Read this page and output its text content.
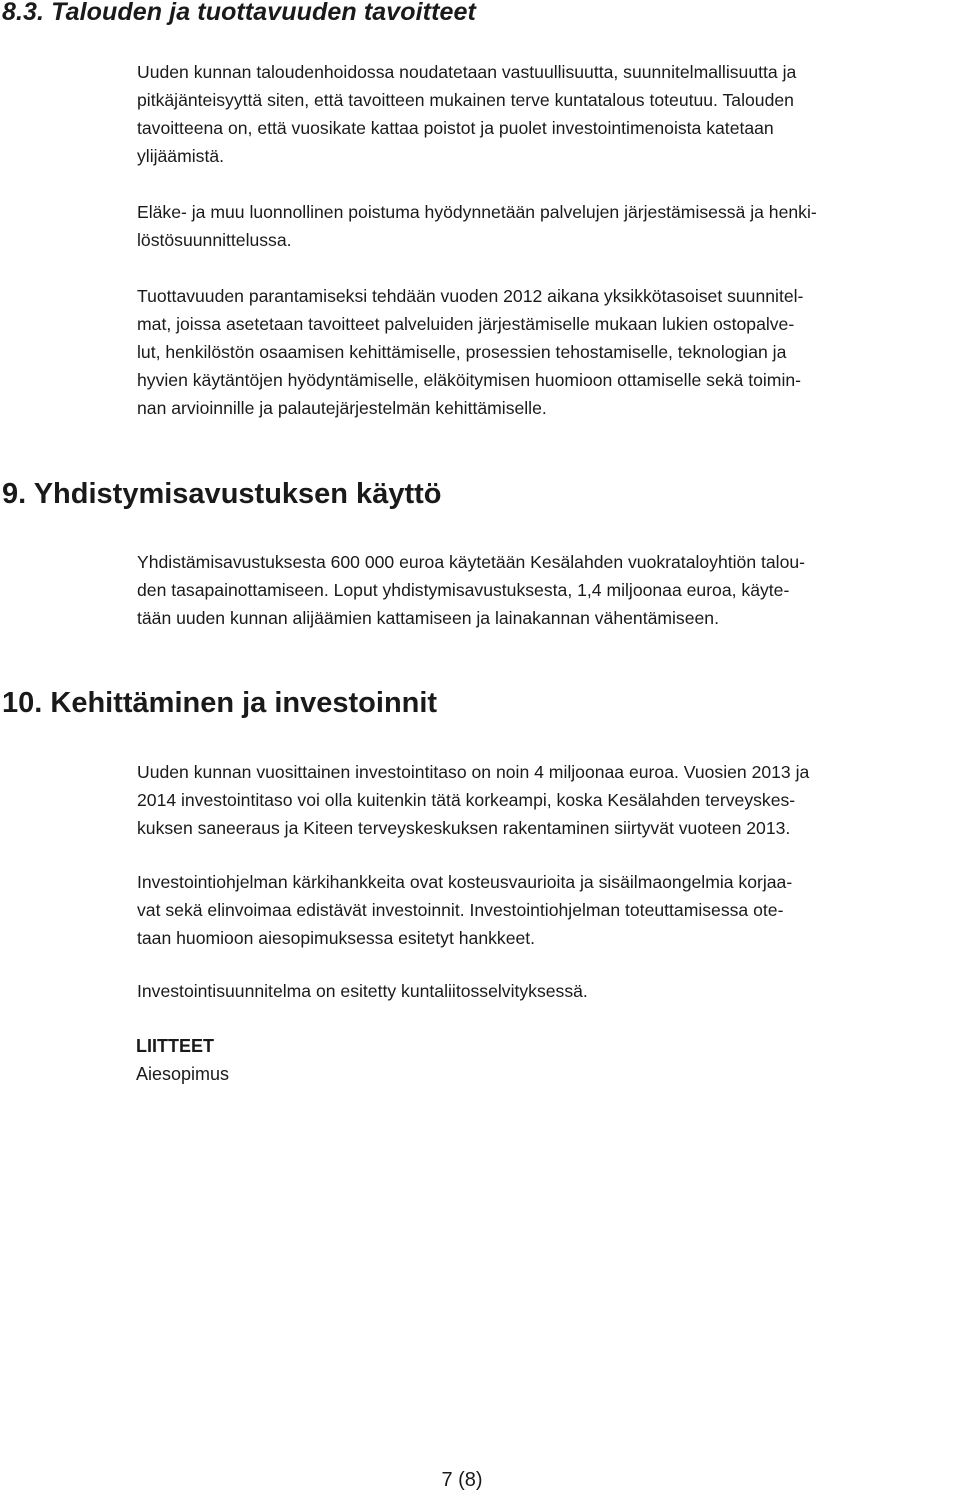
8.3. Talouden ja tuottavuuden tavoitteet

Uuden kunnan taloudenhoidossa noudatetaan vastuullisuutta, suunnitelmallisuutta ja
pitkäjänteisyyttä siten, että tavoitteen mukainen terve kuntatalous toteutuu. Talouden
tavoitteena on, että vuosikate kattaa poistot ja puolet investointimenoista katetaan
ylijäämistä.

Eläke- ja muu luonnollinen poistuma hyödynnetään palvelujen järjestämisessä ja henki-
löstösuunnittelussa.

Tuottavuuden parantamiseksi tehdään vuoden 2012 aikana yksikkötasoiset suunnitel-
mat, joissa asetetaan tavoitteet palveluiden järjestämiselle mukaan lukien ostopalve-
lut, henkilöstön osaamisen kehittämiselle, prosessien tehostamiselle, teknologian ja
hyvien käytäntöjen hyödyntämiselle, eläköitymisen huomioon ottamiselle sekä toimin-
nan arvioinnille ja palautejärjestelmän kehittämiselle.

9. Yhdistymisavustuksen käyttö

Yhdistämisavustuksesta 600 000 euroa käytetään Kesälahden vuokrataloyhtiön talou-
den tasapainottamiseen. Loput yhdistymisavustuksesta, 1,4 miljoonaa euroa, käyte-
tään uuden kunnan alijäämien kattamiseen ja lainakannan vähentämiseen.

10. Kehittäminen ja investoinnit

Uuden kunnan vuosittainen investointitaso on noin 4 miljoonaa euroa. Vuosien 2013 ja
2014 investointitaso voi olla kuitenkin tätä korkeampi, koska Kesälahden terveyskes-
kuksen saneeraus ja Kiteen terveyskeskuksen rakentaminen siirtyvät vuoteen 2013.

Investointiohjelman kärkihankkeita ovat kosteusvaurioita ja sisäilmaongelmia korjaa-
vat sekä elinvoimaa edistävät investoinnit. Investointiohjelman toteuttamisessa ote-
taan huomioon aiesopimuksessa esitetyt hankkeet.

Investointisuunnitelma on esitetty kuntaliitosselvityksessä.

LIITTEET
Aiesopimus
7 (8)
